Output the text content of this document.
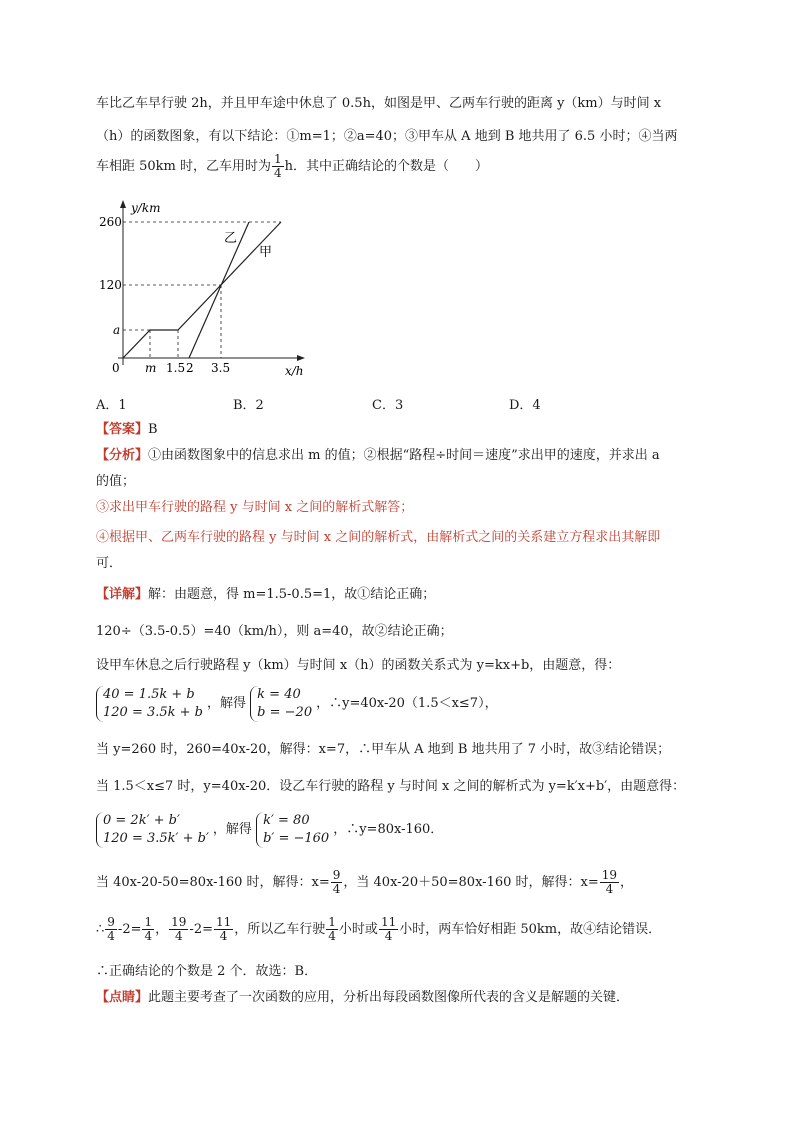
车比乙车早行驶 2h，并且甲车途中休息了 0.5h，如图是甲、乙两车行驶的距离 y（km）与时间 x
（h）的函数图象，有以下结论：①m=1；②a=40；③甲车从 A 地到 B 地共用了 6.5 小时；④当两
车相距 50km 时，乙车用时为 $\frac{1}{4}$ h．其中正确结论的个数是（　　）
y/km
x/h
260
120
a
0 m 1.5 2 3.5
乙
甲
A．1	B．2	C．3	D．4
【答案】B
【分析】①由函数图象中的信息求出 m 的值；②根据“路程÷时间＝速度”求出甲的速度，并求出 a
的值；
③求出甲车行驶的路程 y 与时间 x 之间的解析式解答；
④根据甲、乙两车行驶的路程 y 与时间 x 之间的解析式，由解析式之间的关系建立方程求出其解即
可．
【详解】解：由题意，得 m=1.5-0.5=1，故①结论正确；
120÷（3.5-0.5）=40（km/h），则 a=40，故②结论正确；
设甲车休息之后行驶路程 y（km）与时间 x（h）的函数关系式为 y=kx+b，由题意，得：
40 = 1.5k + b
120 = 3.5k + b
，解得
k = 40
b = −20
，∴y=40x-20（1.5＜x≤7），
当 y=260 时，260=40x-20，解得：x=7，∴甲车从 A 地到 B 地共用了 7 小时，故③结论错误；
当 1.5＜x≤7 时，y=40x-20．设乙车行驶的路程 y 与时间 x 之间的解析式为 y=k′x+b′，由题意得：
0 = 2k′ + b′
120 = 3.5k′ + b′
，解得
k′ = 80
b′ = −160
，∴y=80x-160．
当 40x-20-50=80x-160 时，解得：$x= \frac{9}{4}$ ，当 40x-20＋50=80x-160 时，解得：$x= \frac{19}{4}$ ，
∴ $\frac{9}{4} -2= \frac{1}{4}$ ， $\frac{19}{4} -2= \frac{11}{4}$ ，所以乙车行驶 $\frac{1}{4}$ 小时或 $\frac{11}{4}$ 小时，两车恰好相距 50km，故④结论错误．
∴正确结论的个数是 2 个．故选：B．
【点睛】此题主要考查了一次函数的应用，分析出每段函数图像所代表的含义是解题的关键．
